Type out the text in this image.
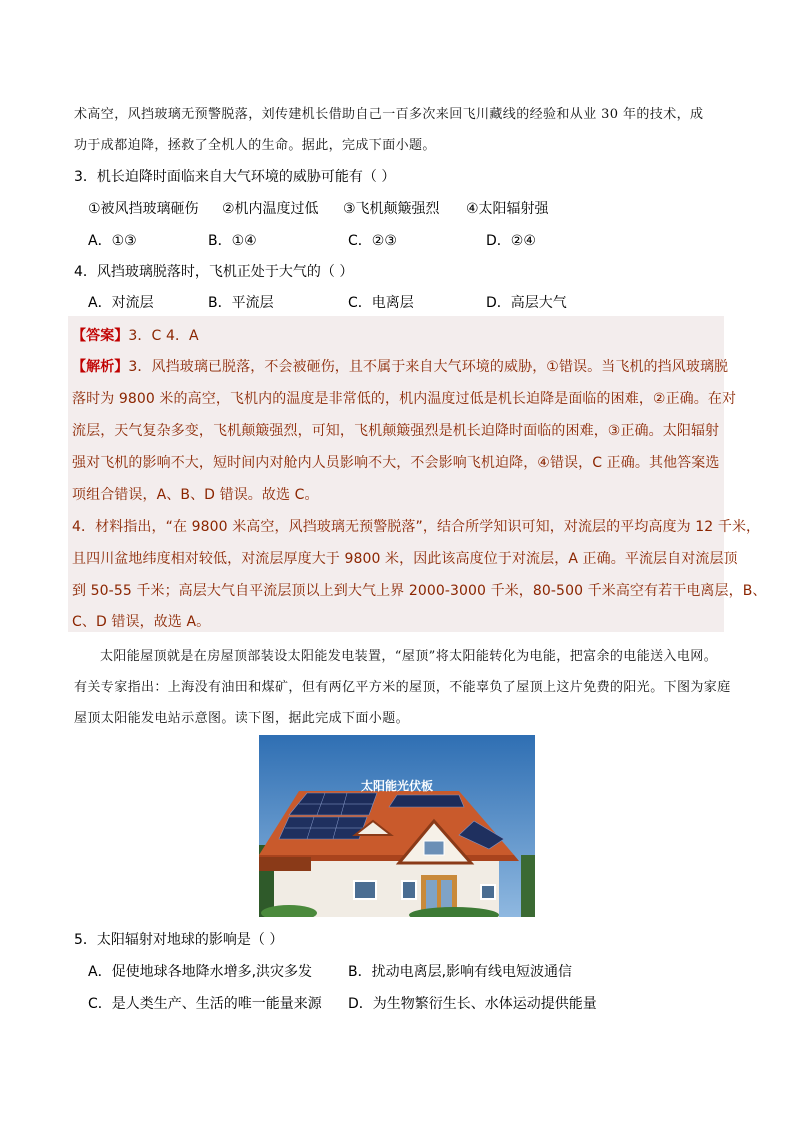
术高空，风挡玻璃无预警脱落，刘传建机长借助自己一百多次来回飞川藏线的经验和从业 30 年的技术，成
功于成都迫降，拯救了全机人的生命。据此，完成下面小题。
3．机长迫降时面临来自大气环境的威胁可能有（ ）
①被风挡玻璃砸伤 ②机内温度过低 ③飞机颠簸强烈 ④太阳辐射强
A．①③	B．①④	C．②③	D．②④
4．风挡玻璃脱落时，飞机正处于大气的（ ）
A．对流层	B．平流层	C．电离层	D．高层大气
【答案】3．C 4．A
【解析】3．风挡玻璃已脱落，不会被砸伤，且不属于来自大气环境的威胁，①错误。当飞机的挡风玻璃脱
落时为 9800 米的高空，飞机内的温度是非常低的，机内温度过低是机长迫降是面临的困难，②正确。在对
流层，天气复杂多变，飞机颠簸强烈，可知，飞机颠簸强烈是机长迫降时面临的困难，③正确。太阳辐射
强对飞机的影响不大，短时间内对舱内人员影响不大，不会影响飞机迫降，④错误，C 正确。其他答案选
项组合错误，A、B、D 错误。故选 C。
4．材料指出，“在 9800 米高空，风挡玻璃无预警脱落”，结合所学知识可知，对流层的平均高度为 12 千米，
且四川盆地纬度相对较低，对流层厚度大于 9800 米，因此该高度位于对流层，A 正确。平流层自对流层顶
到 50-55 千米；高层大气自平流层顶以上到大气上界 2000-3000 千米，80-500 千米高空有若干电离层，B、
C、D 错误，故选 A。
太阳能屋顶就是在房屋顶部装设太阳能发电装置，“屋顶”将太阳能转化为电能，把富余的电能送入电网。
有关专家指出：上海没有油田和煤矿，但有两亿平方米的屋顶，不能辜负了屋顶上这片免费的阳光。下图为家庭
屋顶太阳能发电站示意图。读下图，据此完成下面小题。
太阳能光伏板
5．太阳辐射对地球的影响是（ ）
A．促使地球各地降水增多,洪灾多发	B．扰动电离层,影响有线电短波通信
C．是人类生产、生活的唯一能量来源 D．为生物繁衍生长、水体运动提供能量
